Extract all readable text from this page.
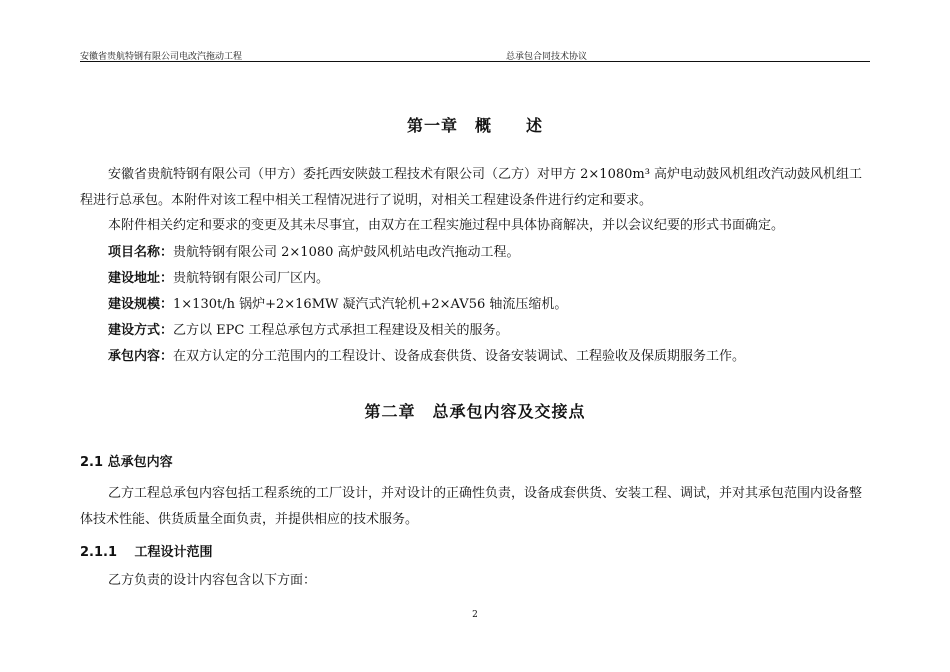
安徽省贵航特钢有限公司电改汽拖动工程	总承包合同技术协议
第一章　概　　述
安徽省贵航特钢有限公司（甲方）委托西安陕鼓工程技术有限公司（乙方）对甲方 2×1080m³ 高炉电动鼓风机组改汽动鼓风机组工程进行总承包。本附件对该工程中相关工程情况进行了说明，对相关工程建设条件进行约定和要求。
本附件相关约定和要求的变更及其未尽事宜，由双方在工程实施过程中具体协商解决，并以会议纪要的形式书面确定。
项目名称：贵航特钢有限公司 2×1080 高炉鼓风机站电改汽拖动工程。
建设地址：贵航特钢有限公司厂区内。
建设规模：1×130t/h 锅炉+2×16MW 凝汽式汽轮机+2×AV56 轴流压缩机。
建设方式：乙方以 EPC 工程总承包方式承担工程建设及相关的服务。
承包内容：在双方认定的分工范围内的工程设计、设备成套供货、设备安装调试、工程验收及保质期服务工作。
第二章　总承包内容及交接点
2.1 总承包内容
乙方工程总承包内容包括工程系统的工厂设计，并对设计的正确性负责，设备成套供货、安装工程、调试，并对其承包范围内设备整体技术性能、供货质量全面负责，并提供相应的技术服务。
2.1.1 工程设计范围
乙方负责的设计内容包含以下方面：
2
